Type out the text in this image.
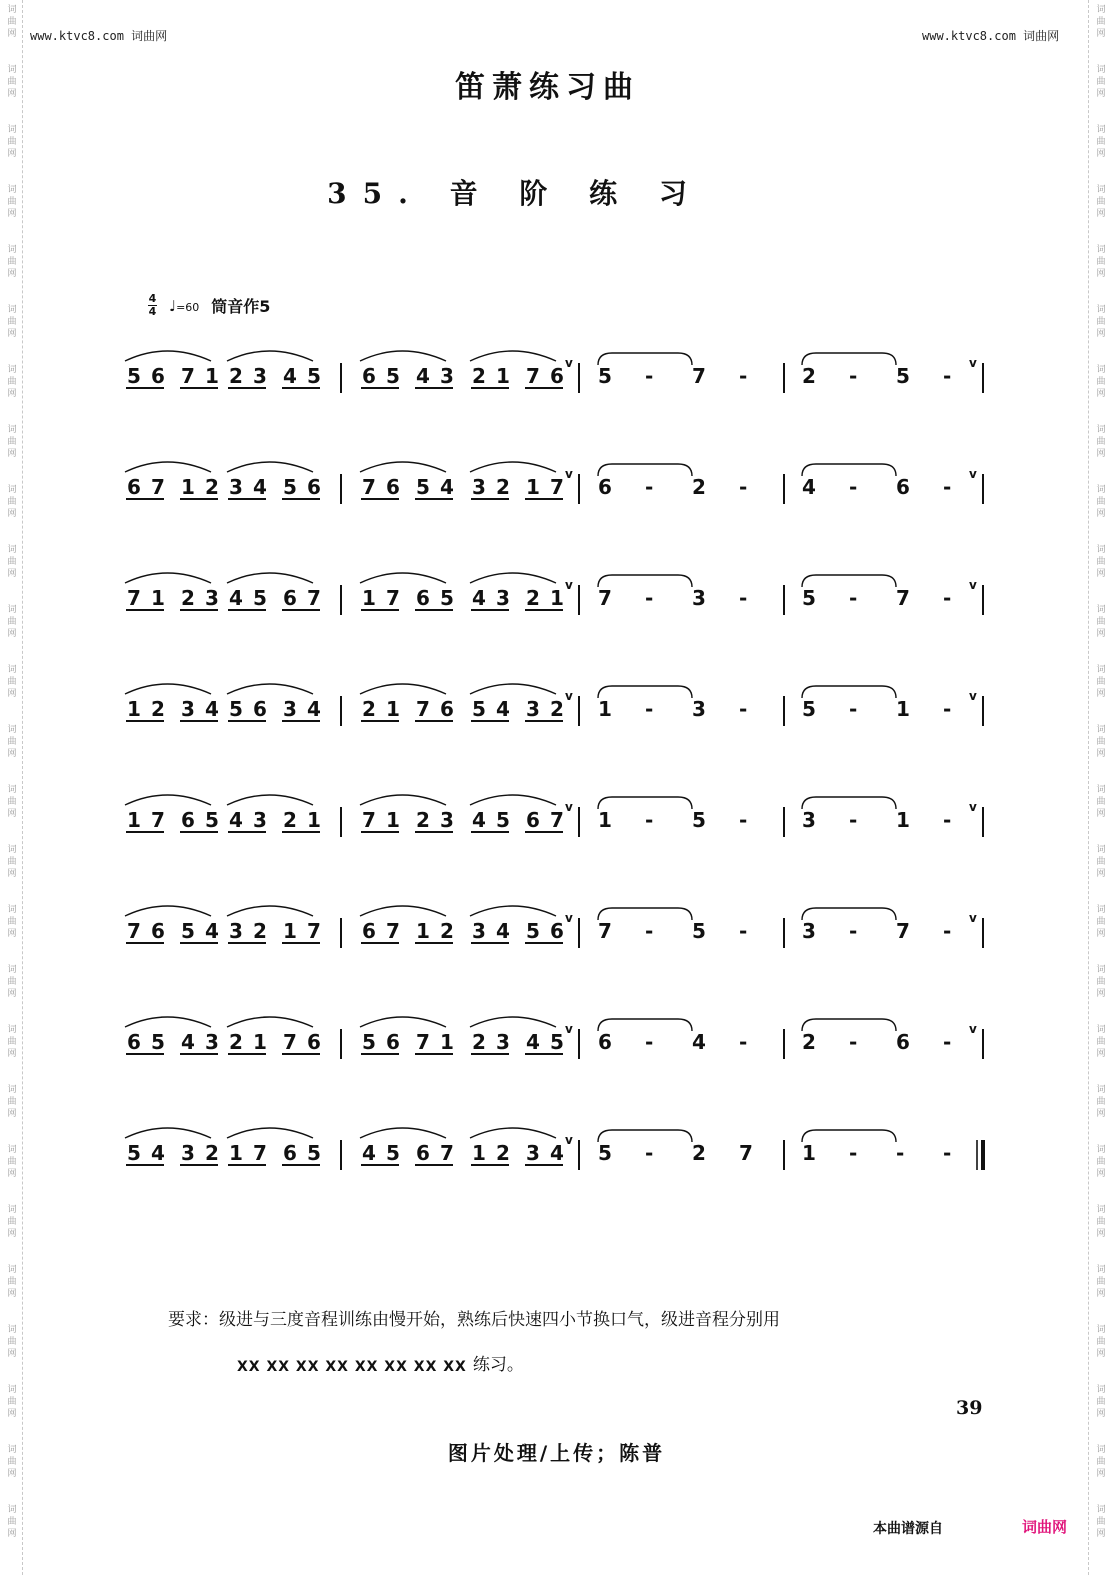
词
曲
网
词
曲
网
词
曲
网
词
曲
网
词
曲
网
词
曲
网
词
曲
网
词
曲
网
词
曲
网
词
曲
网
词
曲
网
词
曲
网
词
曲
网
词
曲
网
词
曲
网
词
曲
网
词
曲
网
词
曲
网
词
曲
网
词
曲
网
词
曲
网
词
曲
网
词
曲
网
词
曲
网
词
曲
网
词
曲
网
词
曲
网
词
曲
网
词
曲
网
词
曲
网
词
曲
网
词
曲
网
词
曲
网
词
曲
网
词
曲
网
词
曲
网
词
曲
网
词
曲
网
词
曲
网
词
曲
网
词
曲
网
词
曲
网
词
曲
网
词
曲
网
词
曲
网
词
曲
网
词
曲
网
词
曲
网
词
曲
网
词
曲
网
词
曲
网
词
曲
网
www.ktvc8.com 词曲网	www.ktvc8.com 词曲网
笛萧练习曲
35. 音 阶 练 习
4
4 ♩=60 筒音作5
5 6 7 1 2 3 4 5 6 5 4 3 2 1 7 6 5 - 7 -	2 - 5 -
v	v
6 7 1 2 3 4 5 6 7 6 5 4 3 2 1 7 6 - 2 -	4 - 6 -
v	v
7 1 2 3 4 5 6 7 1 7 6 5 4 3 2 1 7 - 3 -	5 - 7 -
v	v
1 2 3 4 5 6 3 4 2 1 7 6 5 4 3 2 1 - 3 -	5 - 1 -
v	v
1 7 6 5 4 3 2 1 7 1 2 3 4 5 6 7 1 - 5 -	3 - 1 -
v	v
7 6 5 4 3 2 1 7 6 7 1 2 3 4 5 6 7 - 5 -	3 - 7 -
v	v
6 5 4 3 2 1 7 6 5 6 7 1 2 3 4 5 6 - 4 -	2 - 6 -
v	v
5 4 3 2 1 7 6 5 4 5 6 7 1 2 3 4 5 - 2 7 1 - - -
v
要求：级进与三度音程训练由慢开始，熟练后快速四小节换口气，级进音程分别用
XX XX XX XX XX XX XX XX 练习。
39
图片处理/上传；陈普
本曲谱源自	词曲网
